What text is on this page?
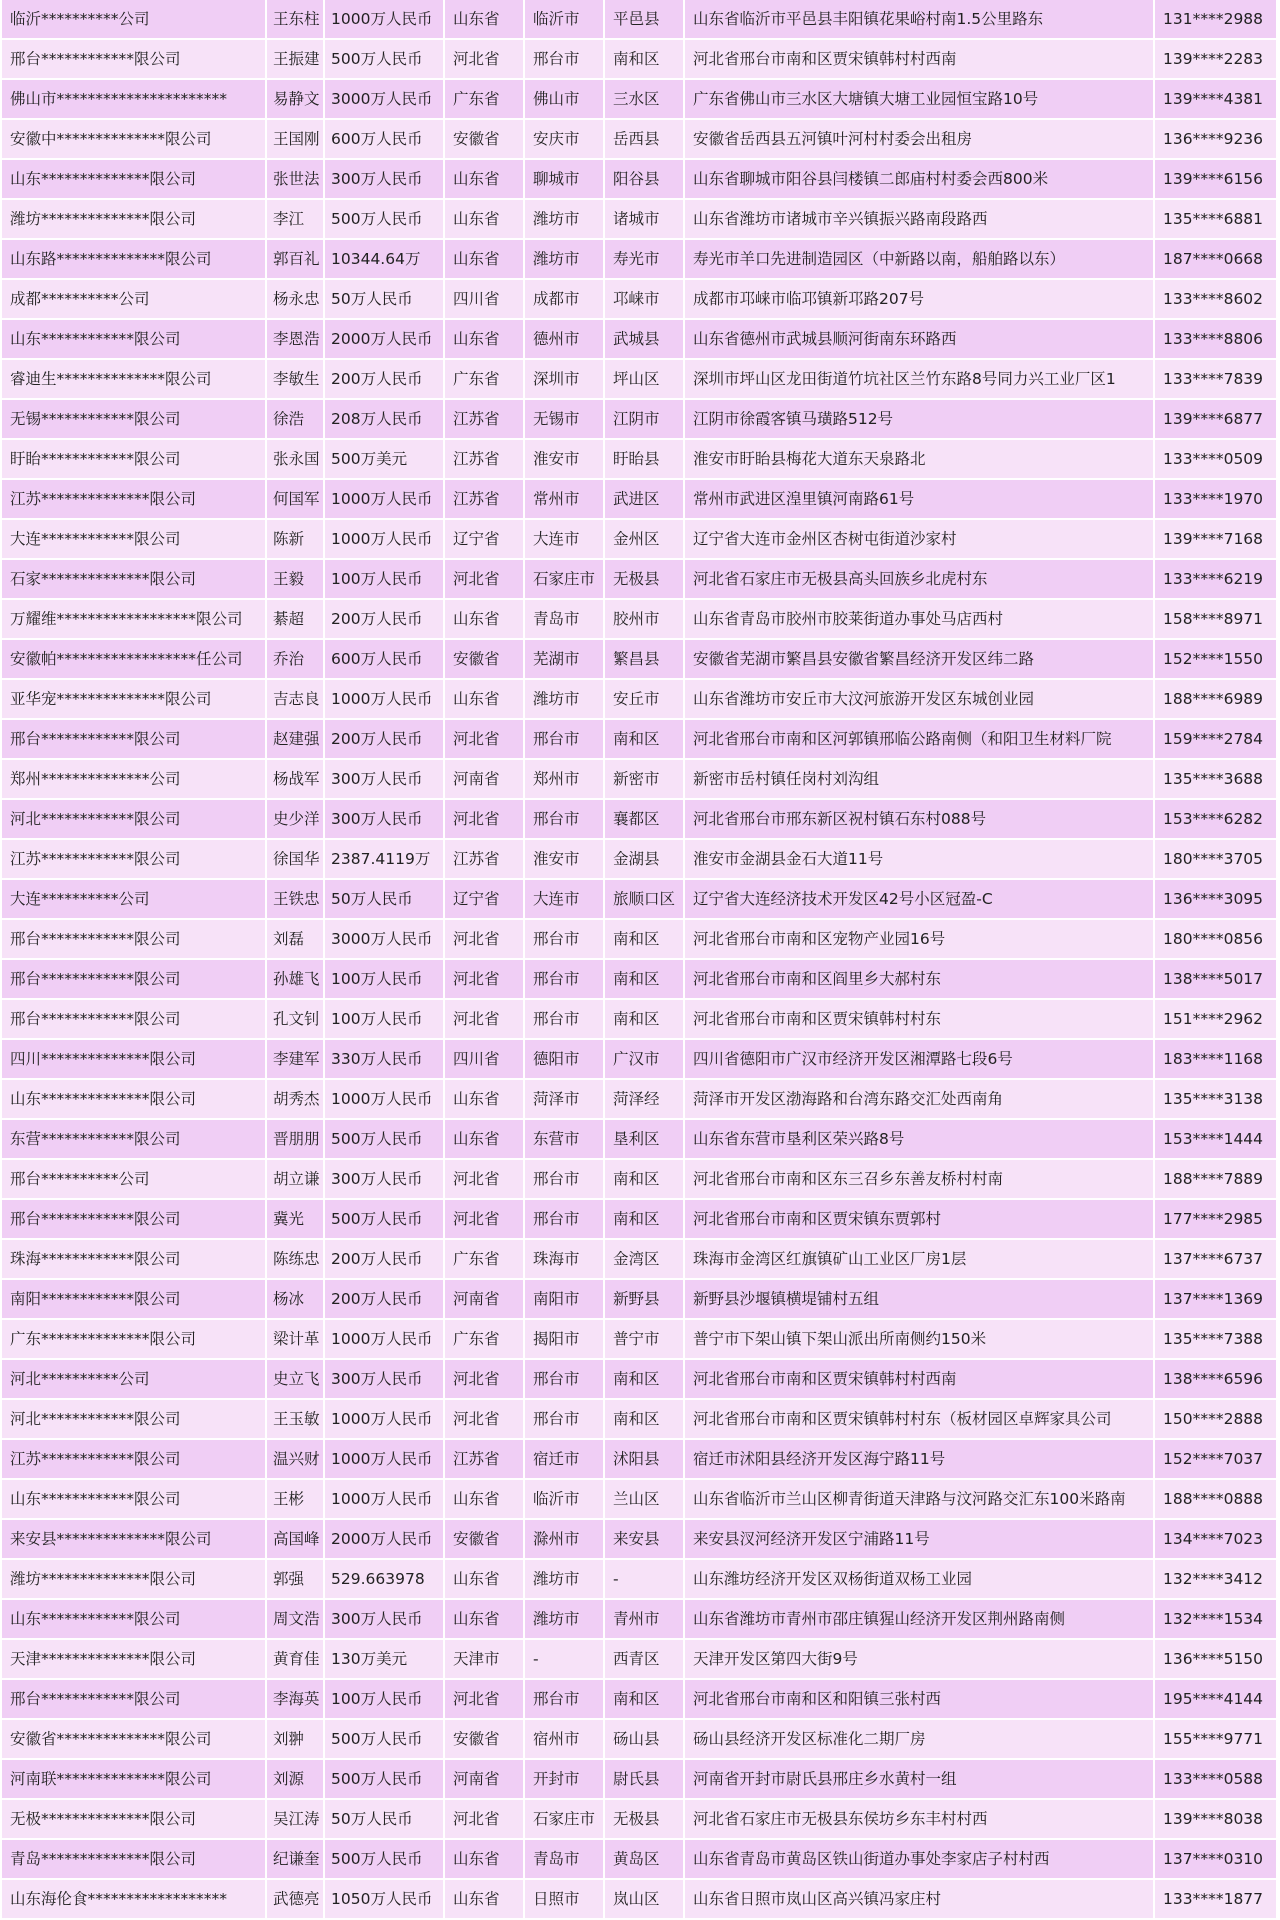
临沂**********公司	王东柱	1000万人民币	山东省	临沂市	平邑县	山东省临沂市平邑县丰阳镇花果峪村南1.5公里路东	131****2988
邢台************限公司	王振建	500万人民币	河北省	邢台市	南和区	河北省邢台市南和区贾宋镇韩村村西南	139****2283
佛山市**********************	易静文	3000万人民币	广东省	佛山市	三水区	广东省佛山市三水区大塘镇大塘工业园恒宝路10号	139****4381
安徽中**************限公司	王国刚	600万人民币	安徽省	安庆市	岳西县	安徽省岳西县五河镇叶河村村委会出租房	136****9236
山东**************限公司	张世法	300万人民币	山东省	聊城市	阳谷县	山东省聊城市阳谷县闫楼镇二郎庙村村委会西800米	139****6156
潍坊**************限公司	李江	500万人民币	山东省	潍坊市	诸城市	山东省潍坊市诸城市辛兴镇振兴路南段路西	135****6881
山东路**************限公司	郭百礼	10344.64万	山东省	潍坊市	寿光市	寿光市羊口先进制造园区（中新路以南，船舶路以东）	187****0668
成都**********公司	杨永忠	50万人民币	四川省	成都市	邛崃市	成都市邛崃市临邛镇新邛路207号	133****8602
山东************限公司	李恩浩	2000万人民币	山东省	德州市	武城县	山东省德州市武城县顺河街南东环路西	133****8806
睿迪生**************限公司	李敏生	200万人民币	广东省	深圳市	坪山区	深圳市坪山区龙田街道竹坑社区兰竹东路8号同力兴工业厂区1	133****7839
无锡************限公司	徐浩	208万人民币	江苏省	无锡市	江阴市	江阴市徐霞客镇马璜路512号	139****6877
盱眙************限公司	张永国	500万美元	江苏省	淮安市	盱眙县	淮安市盱眙县梅花大道东天泉路北	133****0509
江苏**************限公司	何国军	1000万人民币	江苏省	常州市	武进区	常州市武进区湟里镇河南路61号	133****1970
大连************限公司	陈新	1000万人民币	辽宁省	大连市	金州区	辽宁省大连市金州区杏树屯街道沙家村	139****7168
石家**************限公司	王毅	100万人民币	河北省	石家庄市	无极县	河北省石家庄市无极县高头回族乡北虎村东	133****6219
万耀维******************限公司	綦超	200万人民币	山东省	青岛市	胶州市	山东省青岛市胶州市胶莱街道办事处马店西村	158****8971
安徽帕******************任公司	乔治	600万人民币	安徽省	芜湖市	繁昌县	安徽省芜湖市繁昌县安徽省繁昌经济开发区纬二路	152****1550
亚华宠**************限公司	吉志良	1000万人民币	山东省	潍坊市	安丘市	山东省潍坊市安丘市大汶河旅游开发区东城创业园	188****6989
邢台************限公司	赵建强	200万人民币	河北省	邢台市	南和区	河北省邢台市南和区河郭镇邢临公路南侧（和阳卫生材料厂院	159****2784
郑州**************公司	杨战军	300万人民币	河南省	郑州市	新密市	新密市岳村镇任岗村刘沟组	135****3688
河北************限公司	史少洋	300万人民币	河北省	邢台市	襄都区	河北省邢台市邢东新区祝村镇石东村088号	153****6282
江苏************限公司	徐国华	2387.4119万	江苏省	淮安市	金湖县	淮安市金湖县金石大道11号	180****3705
大连**********公司	王铁忠	50万人民币	辽宁省	大连市	旅顺口区	辽宁省大连经济技术开发区42号小区冠盈-C	136****3095
邢台************限公司	刘磊	3000万人民币	河北省	邢台市	南和区	河北省邢台市南和区宠物产业园16号	180****0856
邢台************限公司	孙雄飞	100万人民币	河北省	邢台市	南和区	河北省邢台市南和区阎里乡大郝村东	138****5017
邢台************限公司	孔文钊	100万人民币	河北省	邢台市	南和区	河北省邢台市南和区贾宋镇韩村村东	151****2962
四川**************限公司	李建军	330万人民币	四川省	德阳市	广汉市	四川省德阳市广汉市经济开发区湘潭路七段6号	183****1168
山东**************限公司	胡秀杰	1000万人民币	山东省	菏泽市	菏泽经	菏泽市开发区渤海路和台湾东路交汇处西南角	135****3138
东营************限公司	晋朋朋	500万人民币	山东省	东营市	垦利区	山东省东营市垦利区荣兴路8号	153****1444
邢台**********公司	胡立谦	300万人民币	河北省	邢台市	南和区	河北省邢台市南和区东三召乡东善友桥村村南	188****7889
邢台************限公司	冀光	500万人民币	河北省	邢台市	南和区	河北省邢台市南和区贾宋镇东贾郭村	177****2985
珠海************限公司	陈练忠	200万人民币	广东省	珠海市	金湾区	珠海市金湾区红旗镇矿山工业区厂房1层	137****6737
南阳************限公司	杨冰	200万人民币	河南省	南阳市	新野县	新野县沙堰镇横堤铺村五组	137****1369
广东**************限公司	梁计革	1000万人民币	广东省	揭阳市	普宁市	普宁市下架山镇下架山派出所南侧约150米	135****7388
河北**********公司	史立飞	300万人民币	河北省	邢台市	南和区	河北省邢台市南和区贾宋镇韩村村西南	138****6596
河北************限公司	王玉敏	1000万人民币	河北省	邢台市	南和区	河北省邢台市南和区贾宋镇韩村村东（板材园区卓辉家具公司	150****2888
江苏************限公司	温兴财	1000万人民币	江苏省	宿迁市	沭阳县	宿迁市沭阳县经济开发区海宁路11号	152****7037
山东************限公司	王彬	1000万人民币	山东省	临沂市	兰山区	山东省临沂市兰山区柳青街道天津路与汶河路交汇东100米路南	188****0888
来安县**************限公司	高国峰	2000万人民币	安徽省	滁州市	来安县	来安县汊河经济开发区宁浦路11号	134****7023
潍坊**************限公司	郭强	529.663978	山东省	潍坊市	-	山东潍坊经济开发区双杨街道双杨工业园	132****3412
山东************限公司	周文浩	300万人民币	山东省	潍坊市	青州市	山东省潍坊市青州市邵庄镇猩山经济开发区荆州路南侧	132****1534
天津**************限公司	黄育佳	130万美元	天津市	-	西青区	天津开发区第四大街9号	136****5150
邢台************限公司	李海英	100万人民币	河北省	邢台市	南和区	河北省邢台市南和区和阳镇三张村西	195****4144
安徽省**************限公司	刘翀	500万人民币	安徽省	宿州市	砀山县	砀山县经济开发区标准化二期厂房	155****9771
河南联**************限公司	刘源	500万人民币	河南省	开封市	尉氏县	河南省开封市尉氏县邢庄乡水黄村一组	133****0588
无极**************限公司	吴江涛	50万人民币	河北省	石家庄市	无极县	河北省石家庄市无极县东侯坊乡东丰村村西	139****8038
青岛**************限公司	纪谦奎	500万人民币	山东省	青岛市	黄岛区	山东省青岛市黄岛区铁山街道办事处李家店子村村西	137****0310
山东海伦食******************	武德亮	1050万人民币	山东省	日照市	岚山区	山东省日照市岚山区高兴镇冯家庄村	133****1877
